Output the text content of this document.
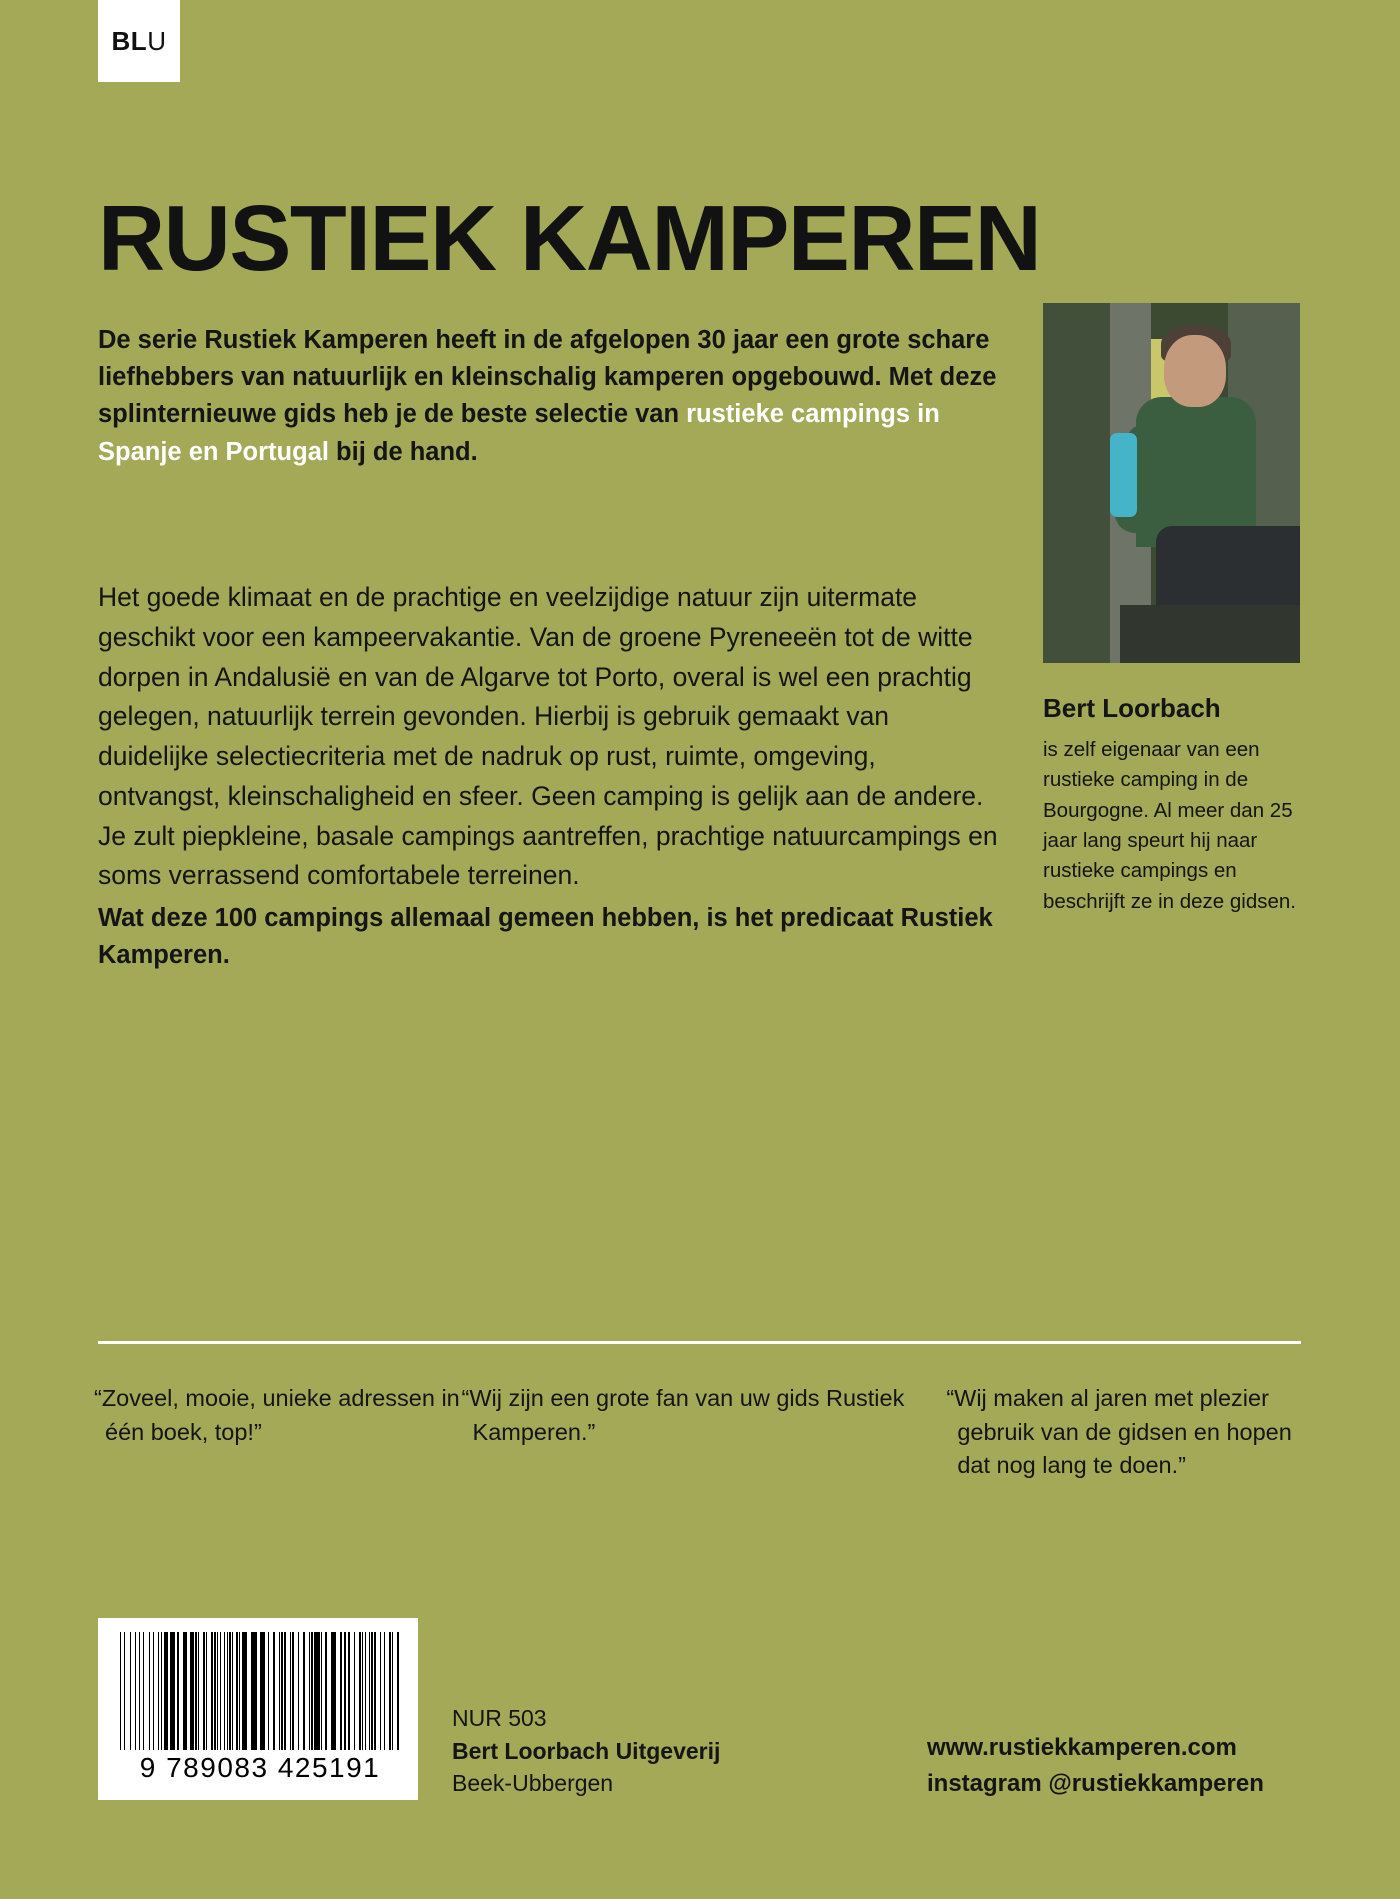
BLU
RUSTIEK KAMPEREN

De serie Rustiek Kamperen heeft in de afgelopen 30 jaar een grote schare liefhebbers van natuurlijk en kleinschalig kamperen opgebouwd. Met deze splinternieuwe gids heb je de beste selectie van rustieke campings in Spanje en Portugal bij de hand.

Het goede klimaat en de prachtige en veelzijdige natuur zijn uitermate geschikt voor een kampeervakantie. Van de groene Pyreneeën tot de witte dorpen in Andalusië en van de Algarve tot Porto, overal is wel een prachtig gelegen, natuurlijk terrein gevonden. Hierbij is gebruik gemaakt van duidelijke selectiecriteria met de nadruk op rust, ruimte, omgeving, ontvangst, kleinschaligheid en sfeer. Geen camping is gelijk aan de andere. Je zult piepkleine, basale campings aantreffen, prachtige natuurcampings en soms verrassend comfortabele terreinen.
Wat deze 100 campings allemaal gemeen hebben, is het predicaat Rustiek Kamperen.
Bert Loorbach
is zelf eigenaar van een rustieke camping in de Bourgogne. Al meer dan 25 jaar lang speurt hij naar rustieke campings en beschrijft ze in deze gidsen.
“Zoveel, mooie, unieke adressen in één boek, top!”
“Wij zijn een grote fan van uw gids Rustiek Kamperen.”
“Wij maken al jaren met plezier gebruik van de gidsen en hopen dat nog lang te doen.”
9 789083 425191
NUR 503
Bert Loorbach Uitgeverij
Beek-Ubbergen
www.rustiekkamperen.com
instagram @rustiekkamperen
